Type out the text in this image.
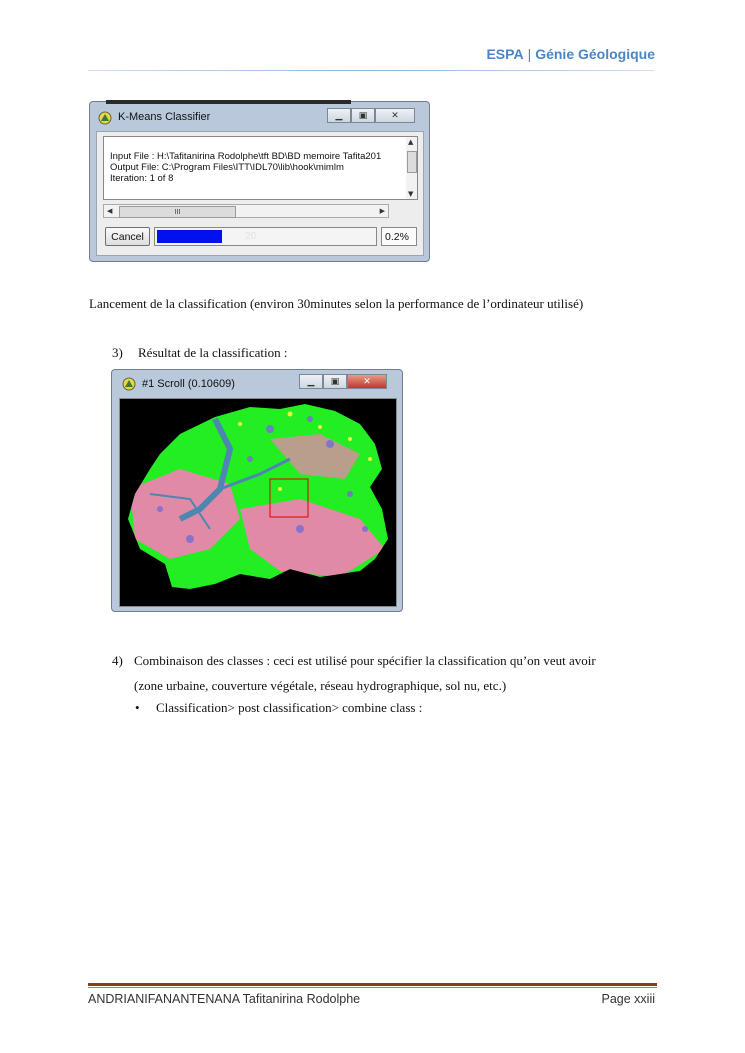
ESPA | Génie Géologique
K-Means Classifier	▁	▣	✕
Input File : H:\Tafitanirina Rodolphe\tft BD\BD memoire Tafita201
Output File: C:\Program Files\ITT\IDL70\lib\hook\mimlm
Iteration: 1 of 8
▲
▼
◀	III	▶
Cancel	20	0.2%
Lancement de la classification (environ 30minutes selon la performance de l’ordinateur utilisé)
3) Résultat de la classification :
#1 Scroll (0.10609)	▁	▣	✕
4) Combinaison des classes : ceci est utilisé pour spécifier la classification qu’on veut avoir
(zone urbaine, couverture végétale, réseau hydrographique, sol nu, etc.)
• Classification> post classification> combine class :
ANDRIANIFANANTENANA Tafitanirina Rodolphe	Page xxiii
